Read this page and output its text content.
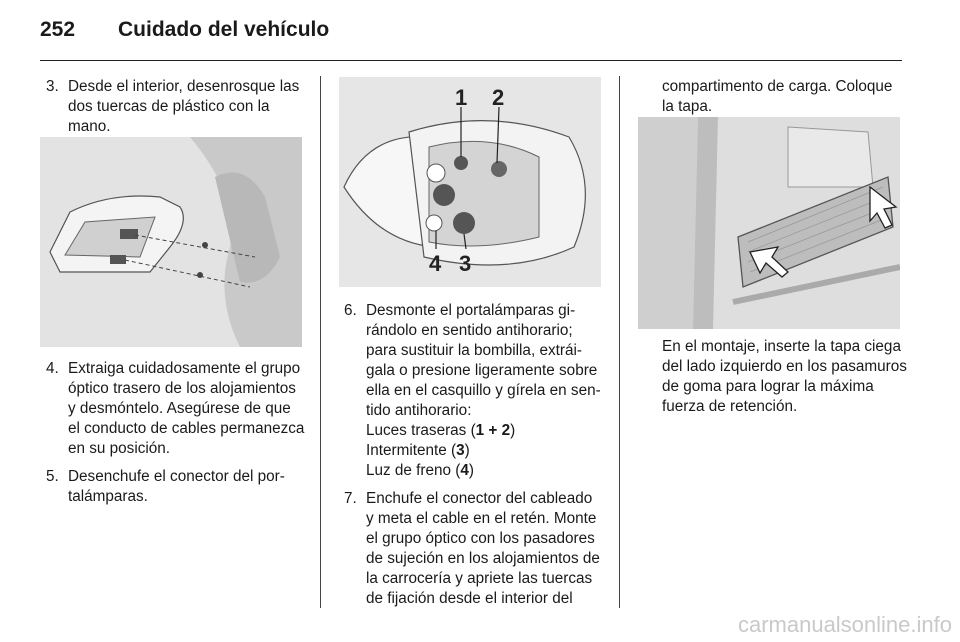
252 Cuidado del vehículo
3. Desde el interior, desenrosque las dos tuercas de plástico con la mano.

4. Extraiga cuidadosamente el grupo óptico trasero de los alojamientos y desmóntelo. Asegúrese de que el conducto de cables permanezca en su posición.

5. Desenchufe el conector del portalámparas.

1 2
4 3
6. Desmonte el portalámparas girándolo en sentido antihorario; para sustituir la bombilla, extráigala o presione ligeramente sobre ella en el casquillo y gírela en sentido antihorario:

Luces traseras (1 + 2)

Intermitente (3)

Luz de freno (4)

7. Enchufe el conector del cableado y meta el cable en el retén. Monte el grupo óptico con los pasadores de sujeción en los alojamientos de la carrocería y apriete las tuercas de fijación desde el interior del

compartimento de carga. Coloque la tapa.

En el montaje, inserte la tapa ciega del lado izquierdo en los pasamuros de goma para lograr la máxima fuerza de retención.

carmanualsonline.info
